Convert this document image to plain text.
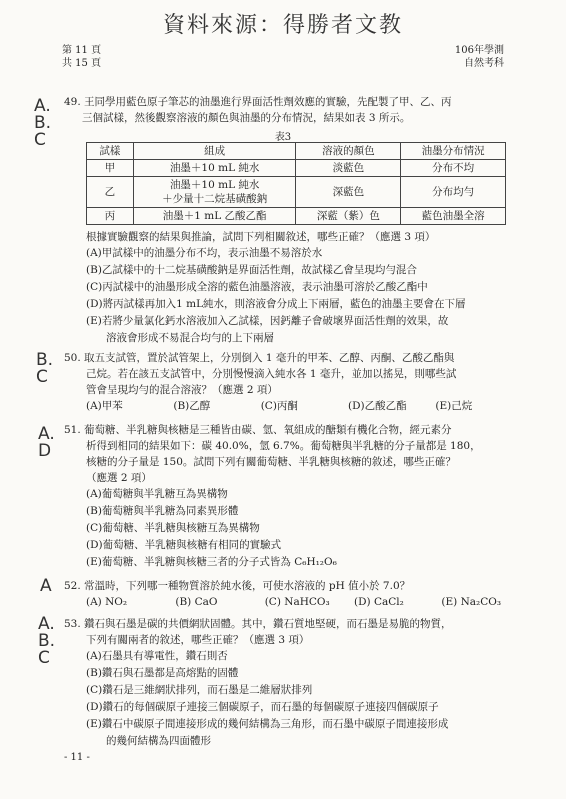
資料來源：得勝者文教
第 11 頁
共 15 頁
106年學測
自然考科
A.
B.
C
B.
C
A.
D
A
A.
B.
C
49. 王同學用藍色原子筆芯的油墨進行界面活性劑效應的實驗，先配製了甲、乙、丙
三個試樣，然後觀察溶液的顏色與油墨的分布情況，結果如表 3 所示。
表3
試樣	組成	溶液的顏色	油墨分布情況
甲	油墨＋10 mL 純水	淡藍色	分布不均
乙	油墨＋10 mL 純水
＋少量十二烷基磺酸鈉	深藍色	分布均勻
丙	油墨＋1 mL 乙酸乙酯	深藍（紫）色	藍色油墨全溶
根據實驗觀察的結果與推論，試問下列相關敘述，哪些正確？（應選 3 項）
(A)甲試樣中的油墨分布不均，表示油墨不易溶於水
(B)乙試樣中的十二烷基磺酸鈉是界面活性劑，故試樣乙會呈現均勻混合
(C)丙試樣中的油墨形成全溶的藍色油墨溶液，表示油墨可溶於乙酸乙酯中
(D)將丙試樣再加入1 mL純水，則溶液會分成上下兩層，藍色的油墨主要會在下層
(E)若將少量氯化鈣水溶液加入乙試樣，因鈣離子會破壞界面活性劑的效果，故
溶液會形成不易混合均勻的上下兩層
50. 取五支試管，置於試管架上，分別倒入 1 毫升的甲苯、乙醇、丙酮、乙酸乙酯與
己烷。若在該五支試管中，分別慢慢滴入純水各 1 毫升，並加以搖晃，則哪些試
管會呈現均勻的混合溶液？（應選 2 項）
(A)甲苯	(B)乙醇	(C)丙酮	(D)乙酸乙酯	(E)己烷
51. 葡萄糖、半乳糖與核糖是三種皆由碳、氫、氧組成的醣類有機化合物，經元素分
析得到相同的結果如下：碳 40.0%，氫 6.7%。葡萄糖與半乳糖的分子量都是 180，
核糖的分子量是 150。試問下列有關葡萄糖、半乳糖與核糖的敘述，哪些正確？
（應選 2 項）
(A)葡萄糖與半乳糖互為異構物
(B)葡萄糖與半乳糖為同素異形體
(C)葡萄糖、半乳糖與核糖互為異構物
(D)葡萄糖、半乳糖與核糖有相同的實驗式
(E)葡萄糖、半乳糖與核糖三者的分子式皆為 C₆H₁₂O₆
52. 常溫時，下列哪一種物質溶於純水後，可使水溶液的 pH 值小於 7.0？
(A) NO₂	(B) CaO	(C) NaHCO₃ (D) CaCl₂	(E) Na₂CO₃
53. 鑽石與石墨是碳的共價網狀固體。其中，鑽石質地堅硬，而石墨是易脆的物質，
下列有關兩者的敘述，哪些正確？（應選 3 項）
(A)石墨具有導電性，鑽石則否
(B)鑽石與石墨都是高熔點的固體
(C)鑽石是三維網狀排列，而石墨是二維層狀排列
(D)鑽石的每個碳原子連接三個碳原子，而石墨的每個碳原子連接四個碳原子
(E)鑽石中碳原子間連接形成的幾何結構為三角形，而石墨中碳原子間連接形成
的幾何結構為四面體形
- 11 -
